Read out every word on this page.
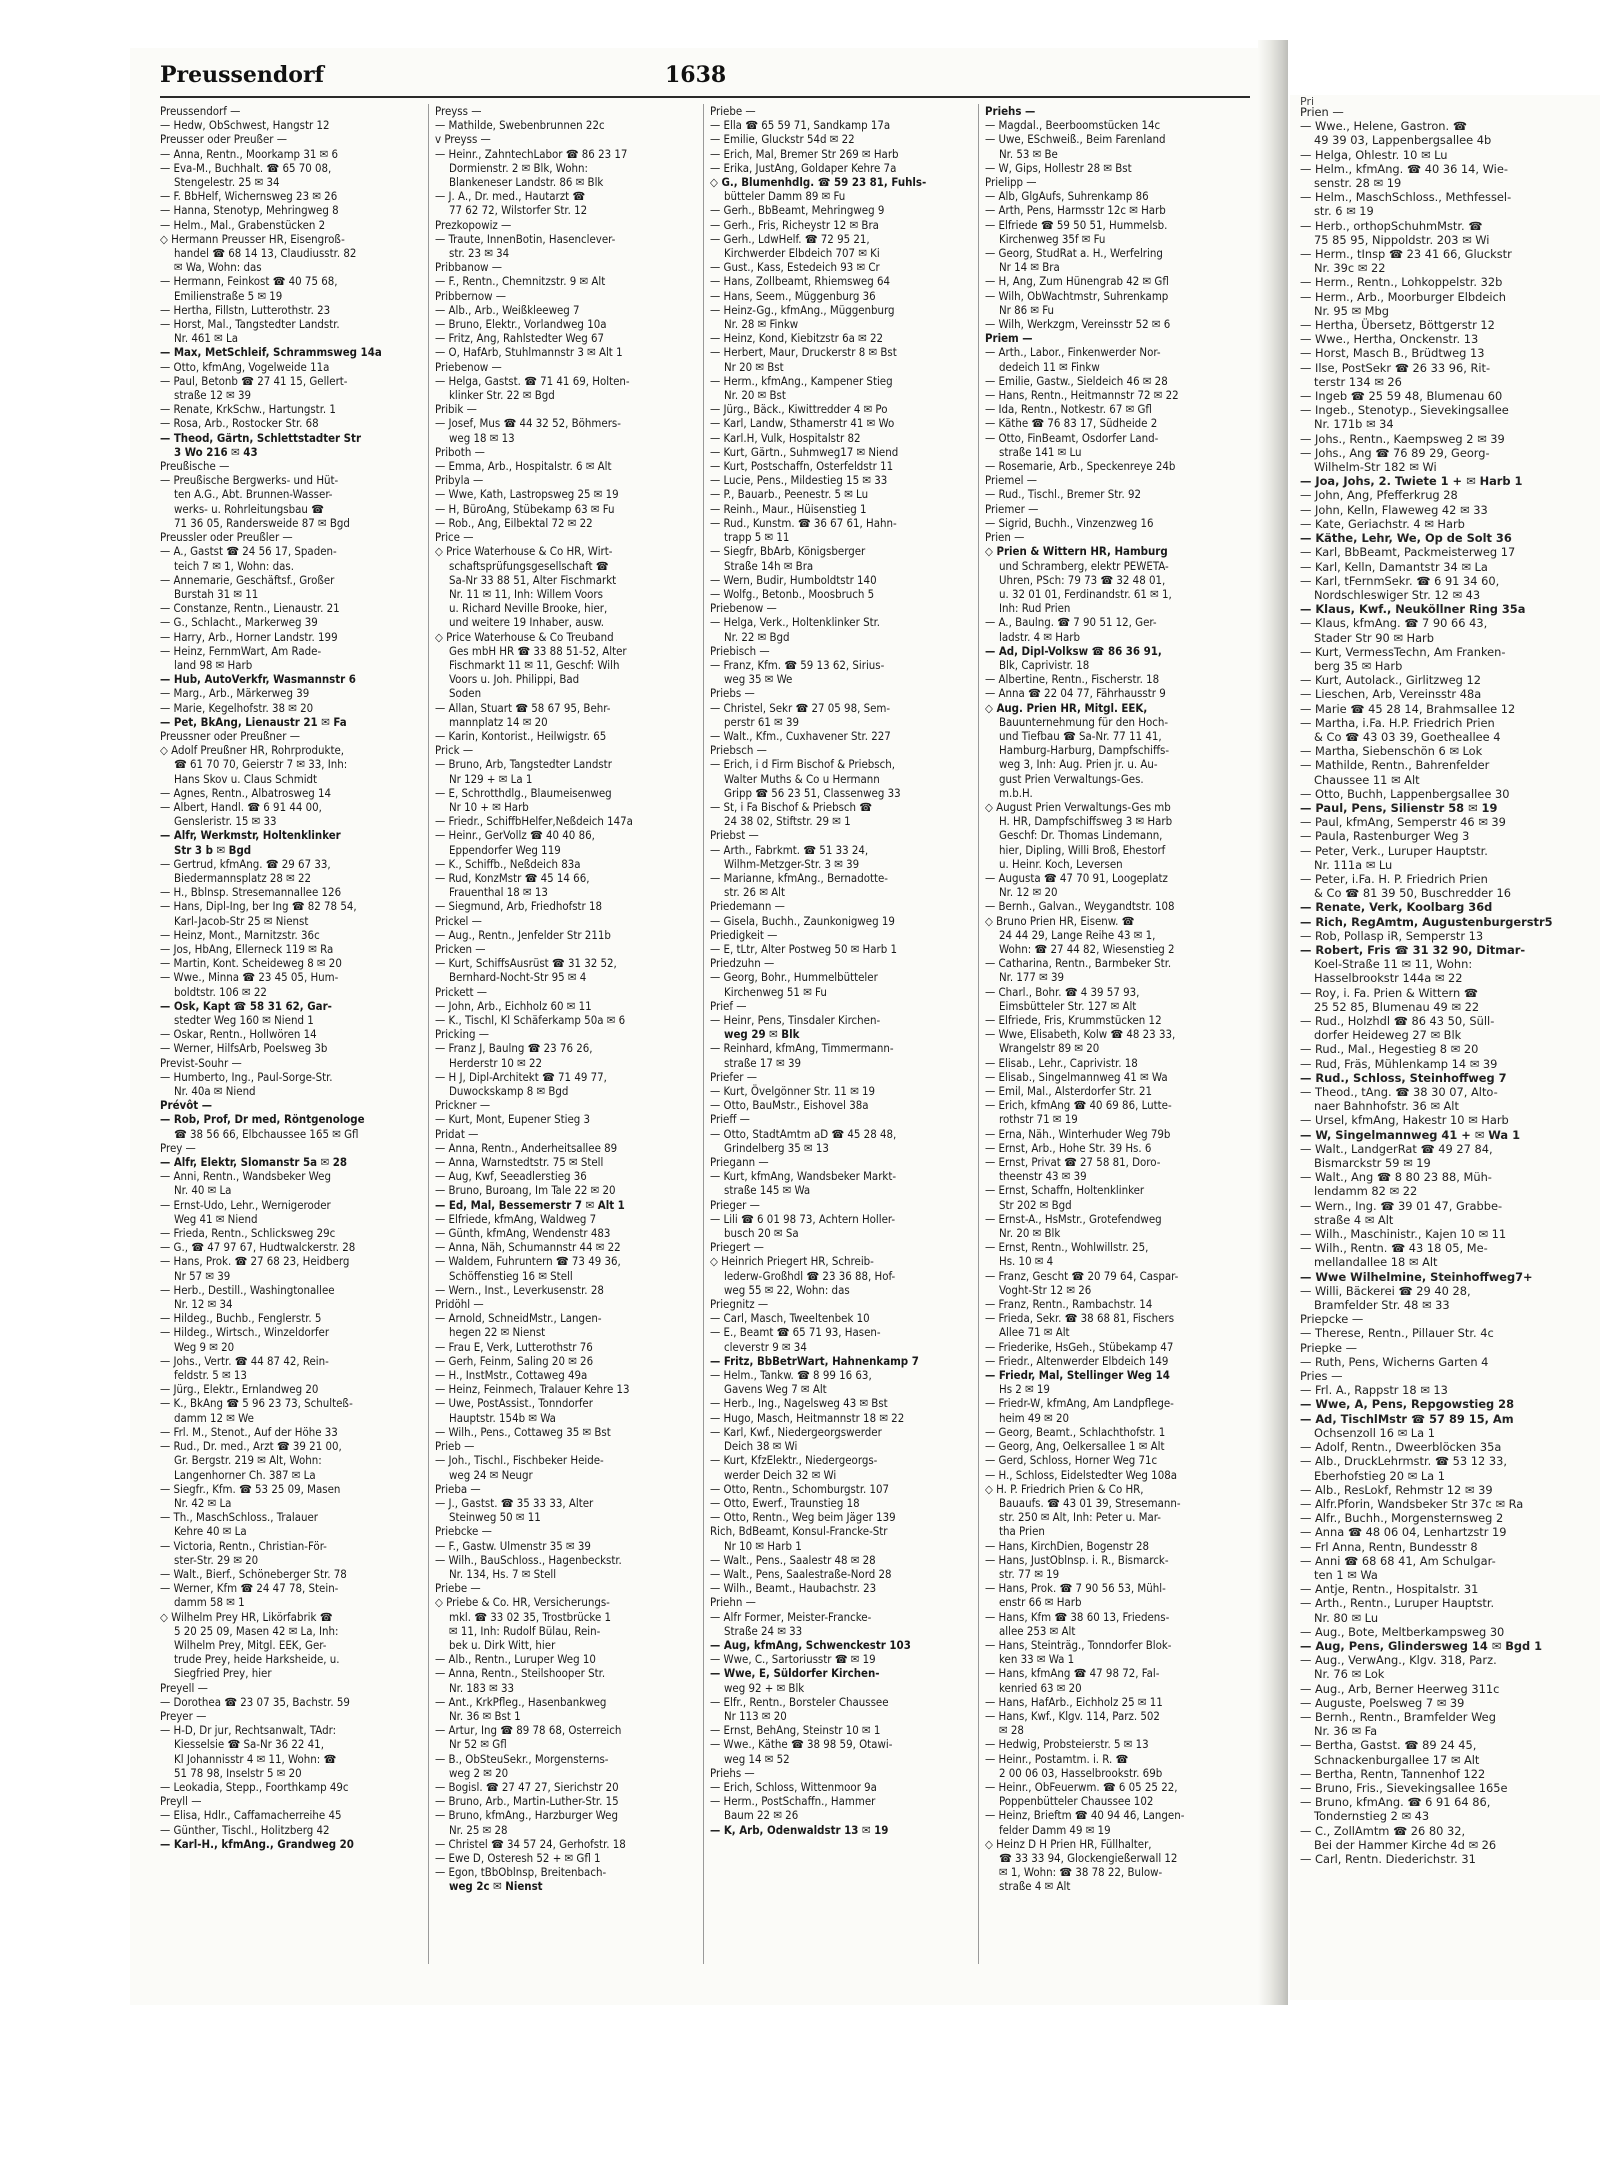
Preussendorf	1638
Preussendorf —
— Hedw, ObSchwest, Hangstr 12
Preusser oder Preußer —
— Anna, Rentn., Moorkamp 31 ✉ 6
— Eva-M., Buchhalt. ☎ 65 70 08,
Stengelestr. 25 ✉ 34
— F. BbHelf, Wichernsweg 23 ✉ 26
— Hanna, Stenotyp, Mehringweg 8
— Helm., Mal., Grabenstücken 2
◇ Hermann Preusser HR, Eisengroß-
handel ☎ 68 14 13, Claudiusstr. 82
✉ Wa, Wohn: das
— Hermann, Feinkost ☎ 40 75 68,
Emilienstraße 5 ✉ 19
— Hertha, Fillstn, Lutterothstr. 23
— Horst, Mal., Tangstedter Landstr.
Nr. 461 ✉ La
— Max, MetSchleif, Schrammsweg 14a
— Otto, kfmAng, Vogelweide 11a
— Paul, Betonb ☎ 27 41 15, Gellert-
straße 12 ✉ 39
— Renate, KrkSchw., Hartungstr. 1
— Rosa, Arb., Rostocker Str. 68
— Theod, Gärtn, Schlettstadter Str
3 Wo 216 ✉ 43
Preußische —
— Preußische Bergwerks- und Hüt-
ten A.G., Abt. Brunnen-Wasser-
werks- u. Rohrleitungsbau ☎
71 36 05, Randersweide 87 ✉ Bgd
Preussler oder Preußler —
— A., Gastst ☎ 24 56 17, Spaden-
teich 7 ✉ 1, Wohn: das.
— Annemarie, Geschäftsf., Großer
Burstah 31 ✉ 11
— Constanze, Rentn., Lienaustr. 21
— G., Schlacht., Markerweg 39
— Harry, Arb., Horner Landstr. 199
— Heinz, FernmWart, Am Rade-
land 98 ✉ Harb
— Hub, AutoVerkfr, Wasmannstr 6
— Marg., Arb., Märkerweg 39
— Marie, Kegelhofstr. 38 ✉ 20
— Pet, BkAng, Lienaustr 21 ✉ Fa
Preussner oder Preußner —
◇ Adolf Preußner HR, Rohrprodukte,
☎ 61 70 70, Geierstr 7 ✉ 33, Inh:
Hans Skov u. Claus Schmidt
— Agnes, Rentn., Albatrosweg 14
— Albert, Handl. ☎ 6 91 44 00,
Gensleristr. 15 ✉ 33
— Alfr, Werkmstr, Holtenklinker
Str 3 b ✉ Bgd
— Gertrud, kfmAng. ☎ 29 67 33,
Biedermannsplatz 28 ✉ 22
— H., Bblnsp. Stresemannallee 126
— Hans, Dipl-Ing, ber Ing ☎ 82 78 54,
Karl-Jacob-Str 25 ✉ Nienst
— Heinz, Mont., Marnitzstr. 36c
— Jos, HbAng, Ellerneck 119 ✉ Ra
— Martin, Kont. Scheideweg 8 ✉ 20
— Wwe., Minna ☎ 23 45 05, Hum-
boldtstr. 106 ✉ 22
— Osk, Kapt ☎ 58 31 62, Gar-
stedter Weg 160 ✉ Niend 1
— Oskar, Rentn., Hollwören 14
— Werner, HilfsArb, Poelsweg 3b
Previst-Souhr —
— Humberto, Ing., Paul-Sorge-Str.
Nr. 40a ✉ Niend
Prévôt —
— Rob, Prof, Dr med, Röntgenologe
☎ 38 56 66, Elbchaussee 165 ✉ Gfl
Prey —
— Alfr, Elektr, Slomanstr 5a ✉ 28
— Anni, Rentn., Wandsbeker Weg
Nr. 40 ✉ La
— Ernst-Udo, Lehr., Wernigeroder
Weg 41 ✉ Niend
— Frieda, Rentn., Schlicksweg 29c
— G., ☎ 47 97 67, Hudtwalckerstr. 28
— Hans, Prok. ☎ 27 68 23, Heidberg
Nr 57 ✉ 39
— Herb., Destill., Washingtonallee
Nr. 12 ✉ 34
— Hildeg., Buchb., Fenglerstr. 5
— Hildeg., Wirtsch., Winzeldorfer
Weg 9 ✉ 20
— Johs., Vertr. ☎ 44 87 42, Rein-
feldstr. 5 ✉ 13
— Jürg., Elektr., Ernlandweg 20
— K., BkAng ☎ 5 96 23 73, Schulteß-
damm 12 ✉ We
— Frl. M., Stenot., Auf der Höhe 33
— Rud., Dr. med., Arzt ☎ 39 21 00,
Gr. Bergstr. 219 ✉ Alt, Wohn:
Langenhorner Ch. 387 ✉ La
— Siegfr., Kfm. ☎ 53 25 09, Masen
Nr. 42 ✉ La
— Th., MaschSchloss., Tralauer
Kehre 40 ✉ La
— Victoria, Rentn., Christian-För-
ster-Str. 29 ✉ 20
— Walt., Bierf., Schöneberger Str. 78
— Werner, Kfm ☎ 24 47 78, Stein-
damm 58 ✉ 1
◇ Wilhelm Prey HR, Likörfabrik ☎
5 20 25 09, Masen 42 ✉ La, Inh:
Wilhelm Prey, Mitgl. EEK, Ger-
trude Prey, heide Harksheide, u.
Siegfried Prey, hier
Preyell —
— Dorothea ☎ 23 07 35, Bachstr. 59
Preyer —
— H-D, Dr jur, Rechtsanwalt, TAdr:
Kiesselsie ☎ Sa-Nr 36 22 41,
Kl Johannisstr 4 ✉ 11, Wohn: ☎
51 78 98, Inselstr 5 ✉ 20
— Leokadia, Stepp., Foorthkamp 49c
Preyll —
— Elisa, Hdlr., Caffamacherreihe 45
— Günther, Tischl., Holitzberg 42
— Karl-H., kfmAng., Grandweg 20
Preyss —
— Mathilde, Swebenbrunnen 22c
v Preyss —
— Heinr., ZahntechLabor ☎ 86 23 17
Dormienstr. 2 ✉ Blk, Wohn:
Blankeneser Landstr. 86 ✉ Blk
— J. A., Dr. med., Hautarzt ☎
77 62 72, Wilstorfer Str. 12
Prezkopowiz —
— Traute, InnenBotin, Hasenclever-
str. 23 ✉ 34
Pribbanow —
— F., Rentn., Chemnitzstr. 9 ✉ Alt
Pribbernow —
— Alb., Arb., Weißkleeweg 7
— Bruno, Elektr., Vorlandweg 10a
— Fritz, Ang, Rahlstedter Weg 67
— O, HafArb, Stuhlmannstr 3 ✉ Alt 1
Priebenow —
— Helga, Gastst. ☎ 71 41 69, Holten-
klinker Str. 22 ✉ Bgd
Pribik —
— Josef, Mus ☎ 44 32 52, Böhmers-
weg 18 ✉ 13
Priboth —
— Emma, Arb., Hospitalstr. 6 ✉ Alt
Pribyla —
— Wwe, Kath, Lastropsweg 25 ✉ 19
— H, BüroAng, Stübekamp 63 ✉ Fu
— Rob., Ang, Eilbektal 72 ✉ 22
Price —
◇ Price Waterhouse & Co HR, Wirt-
schaftsprüfungsgesellschaft ☎
Sa-Nr 33 88 51, Alter Fischmarkt
Nr. 11 ✉ 11, Inh: Willem Voors
u. Richard Neville Brooke, hier,
und weitere 19 Inhaber, ausw.
◇ Price Waterhouse & Co Treuband
Ges mbH HR ☎ 33 88 51-52, Alter
Fischmarkt 11 ✉ 11, Geschf: Wilh
Voors u. Joh. Philippi, Bad
Soden
— Allan, Stuart ☎ 58 67 95, Behr-
mannplatz 14 ✉ 20
— Karin, Kontorist., Heilwigstr. 65
Prick —
— Bruno, Arb, Tangstedter Landstr
Nr 129 + ✉ La 1
— E, Schrotthdlg., Blaumeisenweg
Nr 10 + ✉ Harb
— Friedr., SchiffbHelfer,Neßdeich 147a
— Heinr., GerVollz ☎ 40 40 86,
Eppendorfer Weg 119
— K., Schiffb., Neßdeich 83a
— Rud, KonzMstr ☎ 45 14 66,
Frauenthal 18 ✉ 13
— Siegmund, Arb, Friedhofstr 18
Prickel —
— Aug., Rentn., Jenfelder Str 211b
Pricken —
— Kurt, SchiffsAusrüst ☎ 31 32 52,
Bernhard-Nocht-Str 95 ✉ 4
Prickett —
— John, Arb., Eichholz 60 ✉ 11
— K., Tischl, Kl Schäferkamp 50a ✉ 6
Pricking —
— Franz J, Baulng ☎ 23 76 26,
Herderstr 10 ✉ 22
— H J, Dipl-Architekt ☎ 71 49 77,
Duwockskamp 8 ✉ Bgd
Prickner —
— Kurt, Mont, Eupener Stieg 3
Pridat —
— Anna, Rentn., Anderheitsallee 89
— Anna, Warnstedtstr. 75 ✉ Stell
— Aug, Kwf, Seeadlerstieg 36
— Bruno, Buroang, Im Tale 22 ✉ 20
— Ed, Mal, Bessemerstr 7 ✉ Alt 1
— Elfriede, kfmAng, Waldweg 7
— Günth, kfmAng, Wendenstr 483
— Anna, Näh, Schumannstr 44 ✉ 22
— Waldem, Fuhruntern ☎ 73 49 36,
Schöffenstieg 16 ✉ Stell
— Wern., Inst., Leverkusenstr. 28
Pridöhl —
— Arnold, SchneidMstr., Langen-
hegen 22 ✉ Nienst
— Frau E, Verk, Lutterothstr 76
— Gerh, Feinm, Saling 20 ✉ 26
— H., InstMstr., Cottaweg 49a
— Heinz, Feinmech, Tralauer Kehre 13
— Uwe, PostAssist., Tonndorfer
Hauptstr. 154b ✉ Wa
— Wilh., Pens., Cottaweg 35 ✉ Bst
Prieb —
— Joh., Tischl., Fischbeker Heide-
weg 24 ✉ Neugr
Prieba —
— J., Gastst. ☎ 35 33 33, Alter
Steinweg 50 ✉ 11
Priebcke —
— F., Gastw. Ulmenstr 35 ✉ 39
— Wilh., BauSchloss., Hagenbeckstr.
Nr. 134, Hs. 7 ✉ Stell
Priebe —
◇ Priebe & Co. HR, Versicherungs-
mkl. ☎ 33 02 35, Trostbrücke 1
✉ 11, Inh: Rudolf Bülau, Rein-
bek u. Dirk Witt, hier
— Alb., Rentn., Luruper Weg 10
— Anna, Rentn., Steilshooper Str.
Nr. 183 ✉ 33
— Ant., KrkPfleg., Hasenbankweg
Nr. 36 ✉ Bst 1
— Artur, Ing ☎ 89 78 68, Osterreich
Nr 52 ✉ Gfl
— B., ObSteuSekr., Morgensterns-
weg 2 ✉ 20
— Bogisl. ☎ 27 47 27, Sierichstr 20
— Bruno, Arb., Martin-Luther-Str. 15
— Bruno, kfmAng., Harzburger Weg
Nr. 25 ✉ 28
— Christel ☎ 34 57 24, Gerhofstr. 18
— Ewe D, Osteresh 52 + ✉ Gfl 1
— Egon, tBbOblnsp, Breitenbach-
weg 2c ✉ Nienst
Priebe —
— Ella ☎ 65 59 71, Sandkamp 17a
— Emilie, Gluckstr 54d ✉ 22
— Erich, Mal, Bremer Str 269 ✉ Harb
— Erika, JustAng, Goldaper Kehre 7a
◇ G., Blumenhdlg. ☎ 59 23 81, Fuhls-
bütteler Damm 89 ✉ Fu
— Gerh., BbBeamt, Mehringweg 9
— Gerh., Fris, Richeystr 12 ✉ Bra
— Gerh., LdwHelf. ☎ 72 95 21,
Kirchwerder Elbdeich 707 ✉ Ki
— Gust., Kass, Estedeich 93 ✉ Cr
— Hans, Zollbeamt, Rhiemsweg 64
— Hans, Seem., Müggenburg 36
— Heinz-Gg., kfmAng., Müggenburg
Nr. 28 ✉ Finkw
— Heinz, Kond, Kiebitzstr 6a ✉ 22
— Herbert, Maur, Druckerstr 8 ✉ Bst
Nr 20 ✉ Bst
— Herm., kfmAng., Kampener Stieg
Nr. 20 ✉ Bst
— Jürg., Bäck., Kiwittredder 4 ✉ Po
— Karl, Landw, Sthamerstr 41 ✉ Wo
— Karl.H, Vulk, Hospitalstr 82
— Kurt, Gärtn., Suhmweg17 ✉ Niend
— Kurt, Postschaffn, Osterfeldstr 11
— Lucie, Pens., Mildestieg 15 ✉ 33
— P., Bauarb., Peenestr. 5 ✉ Lu
— Reinh., Maur., Hüisenstieg 1
— Rud., Kunstm. ☎ 36 67 61, Hahn-
trapp 5 ✉ 11
— Siegfr, BbArb, Königsberger
Straße 14h ✉ Bra
— Wern, Budir, Humboldtstr 140
— Wolfg., Betonb., Moosbruch 5
Priebenow —
— Helga, Verk., Holtenklinker Str.
Nr. 22 ✉ Bgd
Priebisch —
— Franz, Kfm. ☎ 59 13 62, Sirius-
weg 35 ✉ We
Priebs —
— Christel, Sekr ☎ 27 05 98, Sem-
perstr 61 ✉ 39
— Walt., Kfm., Cuxhavener Str. 227
Priebsch —
— Erich, i d Firm Bischof & Priebsch,
Walter Muths & Co u Hermann
Gripp ☎ 56 23 51, Classenweg 33
— St, i Fa Bischof & Priebsch ☎
24 38 02, Stiftstr. 29 ✉ 1
Priebst —
— Arth., Fabrkmt. ☎ 51 33 24,
Wilhm-Metzger-Str. 3 ✉ 39
— Marianne, kfmAng., Bernadotte-
str. 26 ✉ Alt
Priedemann —
— Gisela, Buchh., Zaunkonigweg 19
Priedigkeit —
— E, tLtr, Alter Postweg 50 ✉ Harb 1
Priedzuhn —
— Georg, Bohr., Hummelbütteler
Kirchenweg 51 ✉ Fu
Prief —
— Heinr, Pens, Tinsdaler Kirchen-
weg 29 ✉ Blk
— Reinhard, kfmAng, Timmermann-
straße 17 ✉ 39
Priefer —
— Kurt, Övelgönner Str. 11 ✉ 19
— Otto, BauMstr., Eishovel 38a
Prieff —
— Otto, StadtAmtm aD ☎ 45 28 48,
Grindelberg 35 ✉ 13
Priegann —
— Kurt, kfmAng, Wandsbeker Markt-
straße 145 ✉ Wa
Prieger —
— Lili ☎ 6 01 98 73, Achtern Holler-
busch 20 ✉ Sa
Priegert —
◇ Heinrich Priegert HR, Schreib-
lederw-Großhdl ☎ 23 36 88, Hof-
weg 55 ✉ 22, Wohn: das
Priegnitz —
— Carl, Masch, Tweeltenbek 10
— E., Beamt ☎ 65 71 93, Hasen-
cleverstr 9 ✉ 34
— Fritz, BbBetrWart, Hahnenkamp 7
— Helm., Tankw. ☎ 8 99 16 63,
Gavens Weg 7 ✉ Alt
— Herb., Ing., Nagelsweg 43 ✉ Bst
— Hugo, Masch, Heitmannstr 18 ✉ 22
— Karl, Kwf., Niedergeorgswerder
Deich 38 ✉ Wi
— Kurt, KfzElektr., Niedergeorgs-
werder Deich 32 ✉ Wi
— Otto, Rentn., Schomburgstr. 107
— Otto, Ewerf., Traunstieg 18
— Otto, Rentn., Weg beim Jäger 139
Rich, BdBeamt, Konsul-Francke-Str
Nr 10 ✉ Harb 1
— Walt., Pens., Saalestr 48 ✉ 28
— Walt., Pens, Saalestraße-Nord 28
— Wilh., Beamt., Haubachstr. 23
Priehn —
— Alfr Former, Meister-Francke-
Straße 24 ✉ 33
— Aug, kfmAng, Schwenckestr 103
— Wwe, C., Sartoriusstr ☎ ✉ 19
— Wwe, E, Süldorfer Kirchen-
weg 92 + ✉ Blk
— Elfr., Rentn., Borsteler Chaussee
Nr 113 ✉ 20
— Ernst, BehAng, Steinstr 10 ✉ 1
— Wwe., Käthe ☎ 38 98 59, Otawi-
weg 14 ✉ 52
Priehs —
— Erich, Schloss, Wittenmoor 9a
— Herm., PostSchaffn., Hammer
Baum 22 ✉ 26
— K, Arb, Odenwaldstr 13 ✉ 19
Priehs —
— Magdal., Beerboomstücken 14c
— Uwe, ESchweiß., Beim Farenland
Nr. 53 ✉ Be
— W, Gips, Hollestr 28 ✉ Bst
Prielipp —
— Alb, GlgAufs, Suhrenkamp 86
— Arth, Pens, Harmsstr 12c ✉ Harb
— Elfriede ☎ 59 50 51, Hummelsb.
Kirchenweg 35f ✉ Fu
— Georg, StudRat a. H., Werfelring
Nr 14 ✉ Bra
— H, Ang, Zum Hünengrab 42 ✉ Gfl
— Wilh, ObWachtmstr, Suhrenkamp
Nr 86 ✉ Fu
— Wilh, Werkzgm, Vereinsstr 52 ✉ 6
Priem —
— Arth., Labor., Finkenwerder Nor-
dedeich 11 ✉ Finkw
— Emilie, Gastw., Sieldeich 46 ✉ 28
— Hans, Rentn., Heitmannstr 72 ✉ 22
— Ida, Rentn., Notkestr. 67 ✉ Gfl
— Käthe ☎ 76 83 17, Südheide 2
— Otto, FinBeamt, Osdorfer Land-
straße 141 ✉ Lu
— Rosemarie, Arb., Speckenreye 24b
Priemel —
— Rud., Tischl., Bremer Str. 92
Priemer —
— Sigrid, Buchh., Vinzenzweg 16
Prien —
◇ Prien & Wittern HR, Hamburg
und Schramberg, elektr PEWETA-
Uhren, PSch: 79 73 ☎ 32 48 01,
u. 32 01 01, Ferdinandstr. 61 ✉ 1,
Inh: Rud Prien
— A., Baulng. ☎ 7 90 51 12, Ger-
ladstr. 4 ✉ Harb
— Ad, Dipl-Volksw ☎ 86 36 91,
Blk, Caprivistr. 18
— Albertine, Rentn., Fischerstr. 18
— Anna ☎ 22 04 77, Fährhausstr 9
◇ Aug. Prien HR, Mitgl. EEK,
Bauunternehmung für den Hoch-
und Tiefbau ☎ Sa-Nr. 77 11 41,
Hamburg-Harburg, Dampfschiffs-
weg 3, Inh: Aug. Prien jr. u. Au-
gust Prien Verwaltungs-Ges.
m.b.H.
◇ August Prien Verwaltungs-Ges mb
H. HR, Dampfschiffsweg 3 ✉ Harb
Geschf: Dr. Thomas Lindemann,
hier, Dipling, Willi Broß, Ehestorf
u. Heinr. Koch, Leversen
— Augusta ☎ 47 70 91, Loogeplatz
Nr. 12 ✉ 20
— Bernh., Galvan., Weygandtstr. 108
◇ Bruno Prien HR, Eisenw. ☎
24 44 29, Lange Reihe 43 ✉ 1,
Wohn: ☎ 27 44 82, Wiesenstieg 2
— Catharina, Rentn., Barmbeker Str.
Nr. 177 ✉ 39
— Charl., Bohr. ☎ 4 39 57 93,
Eimsbütteler Str. 127 ✉ Alt
— Elfriede, Fris, Krummstücken 12
— Wwe, Elisabeth, Kolw ☎ 48 23 33,
Wrangelstr 89 ✉ 20
— Elisab., Lehr., Caprivistr. 18
— Elisab., Singelmannweg 41 ✉ Wa
— Emil, Mal., Alsterdorfer Str. 21
— Erich, kfmAng ☎ 40 69 86, Lutte-
rothstr 71 ✉ 19
— Erna, Näh., Winterhuder Weg 79b
— Ernst, Arb., Hohe Str. 39 Hs. 6
— Ernst, Privat ☎ 27 58 81, Doro-
theenstr 43 ✉ 39
— Ernst, Schaffn, Holtenklinker
Str 202 ✉ Bgd
— Ernst-A., HsMstr., Grotefendweg
Nr. 20 ✉ Blk
— Ernst, Rentn., Wohlwillstr. 25,
Hs. 10 ✉ 4
— Franz, Gescht ☎ 20 79 64, Caspar-
Voght-Str 12 ✉ 26
— Franz, Rentn., Rambachstr. 14
— Frieda, Sekr. ☎ 38 68 81, Fischers
Allee 71 ✉ Alt
— Friederike, HsGeh., Stübekamp 47
— Friedr., Altenwerder Elbdeich 149
— Friedr, Mal, Stellinger Weg 14
Hs 2 ✉ 19
— Friedr-W, kfmAng, Am Landpflege-
heim 49 ✉ 20
— Georg, Beamt., Schlachthofstr. 1
— Georg, Ang, Oelkersallee 1 ✉ Alt
— Gerd, Schloss, Horner Weg 71c
— H., Schloss, Eidelstedter Weg 108a
◇ H. P. Friedrich Prien & Co HR,
Bauaufs. ☎ 43 01 39, Stresemann-
str. 250 ✉ Alt, Inh: Peter u. Mar-
tha Prien
— Hans, KirchDien, Bogenstr 28
— Hans, JustOblnsp. i. R., Bismarck-
str. 77 ✉ 19
— Hans, Prok. ☎ 7 90 56 53, Mühl-
enstr 66 ✉ Harb
— Hans, Kfm ☎ 38 60 13, Friedens-
allee 253 ✉ Alt
— Hans, Steinträg., Tonndorfer Blok-
ken 33 ✉ Wa 1
— Hans, kfmAng ☎ 47 98 72, Fal-
kenried 63 ✉ 20
— Hans, HafArb., Eichholz 25 ✉ 11
— Hans, Kwf., Klgv. 114, Parz. 502
✉ 28
— Hedwig, Probsteierstr. 5 ✉ 13
— Heinr., Postamtm. i. R. ☎
2 00 06 03, Hasselbrookstr. 69b
— Heinr., ObFeuerwm. ☎ 6 05 25 22,
Poppenbütteler Chaussee 102
— Heinz, Brieftm ☎ 40 94 46, Langen-
felder Damm 49 ✉ 19
◇ Heinz D H Prien HR, Füllhalter,
☎ 33 33 94, Glockengießerwall 12
✉ 1, Wohn: ☎ 38 78 22, Bulow-
straße 4 ✉ Alt
Pri
Prien —
— Wwe., Helene, Gastron. ☎
49 39 03, Lappenbergsallee 4b
— Helga, Ohlestr. 10 ✉ Lu
— Helm., kfmAng. ☎ 40 36 14, Wie-
senstr. 28 ✉ 19
— Helm., MaschSchloss., Methfessel-
str. 6 ✉ 19
— Herb., orthopSchuhmMstr. ☎
75 85 95, Nippoldstr. 203 ✉ Wi
— Herm., tInsp ☎ 23 41 66, Gluckstr
Nr. 39c ✉ 22
— Herm., Rentn., Lohkoppelstr. 32b
— Herm., Arb., Moorburger Elbdeich
Nr. 95 ✉ Mbg
— Hertha, Übersetz, Böttgerstr 12
— Wwe., Hertha, Onckenstr. 13
— Horst, Masch B., Brüdtweg 13
— Ilse, PostSekr ☎ 26 33 96, Rit-
terstr 134 ✉ 26
— Ingeb ☎ 25 59 48, Blumenau 60
— Ingeb., Stenotyp., Sievekingsallee
Nr. 171b ✉ 34
— Johs., Rentn., Kaempsweg 2 ✉ 39
— Johs., Ang ☎ 76 89 29, Georg-
Wilhelm-Str 182 ✉ Wi
— Joa, Johs, 2. Twiete 1 + ✉ Harb 1
— John, Ang, Pfefferkrug 28
— John, Kelln, Flaweweg 42 ✉ 33
— Kate, Geriachstr. 4 ✉ Harb
— Käthe, Lehr, We, Op de Solt 36
— Karl, BbBeamt, Packmeisterweg 17
— Karl, Kelln, Damantstr 34 ✉ La
— Karl, tFernmSekr. ☎ 6 91 34 60,
Nordschleswiger Str. 12 ✉ 43
— Klaus, Kwf., Neuköllner Ring 35a
— Klaus, kfmAng. ☎ 7 90 66 43,
Stader Str 90 ✉ Harb
— Kurt, VermessTechn, Am Franken-
berg 35 ✉ Harb
— Kurt, Autolack., Girlitzweg 12
— Lieschen, Arb, Vereinsstr 48a
— Marie ☎ 45 28 14, Brahmsallee 12
— Martha, i.Fa. H.P. Friedrich Prien
& Co ☎ 43 03 39, Goetheallee 4
— Martha, Siebenschön 6 ✉ Lok
— Mathilde, Rentn., Bahrenfelder
Chaussee 11 ✉ Alt
— Otto, Buchh, Lappenbergsallee 30
— Paul, Pens, Silienstr 58 ✉ 19
— Paul, kfmAng, Semperstr 46 ✉ 39
— Paula, Rastenburger Weg 3
— Peter, Verk., Luruper Hauptstr.
Nr. 111a ✉ Lu
— Peter, i.Fa. H. P. Friedrich Prien
& Co ☎ 81 39 50, Buschredder 16
— Renate, Verk, Koolbarg 36d
— Rich, RegAmtm, Augustenburgerstr5
— Rob, Pollasp iR, Semperstr 13
— Robert, Fris ☎ 31 32 90, Ditmar-
Koel-Straße 11 ✉ 11, Wohn:
Hasselbrookstr 144a ✉ 22
— Roy, i. Fa. Prien & Wittern ☎
25 52 85, Blumenau 49 ✉ 22
— Rud., Holzhdl ☎ 86 43 50, Süll-
dorfer Heideweg 27 ✉ Blk
— Rud., Mal., Hegestieg 8 ✉ 20
— Rud, Fräs, Mühlenkamp 14 ✉ 39
— Rud., Schloss, Steinhoffweg 7
— Theod., tAng. ☎ 38 30 07, Alto-
naer Bahnhofstr. 36 ✉ Alt
— Ursel, kfmAng, Hakestr 10 ✉ Harb
— W, Singelmannweg 41 + ✉ Wa 1
— Walt., LandgerRat ☎ 49 27 84,
Bismarckstr 59 ✉ 19
— Walt., Ang ☎ 8 80 23 88, Müh-
lendamm 82 ✉ 22
— Wern., Ing. ☎ 39 01 47, Grabbe-
straße 4 ✉ Alt
— Wilh., Maschinistr., Kajen 10 ✉ 11
— Wilh., Rentn. ☎ 43 18 05, Me-
mellandallee 18 ✉ Alt
— Wwe Wilhelmine, Steinhoffweg7+
— Willi, Bäckerei ☎ 29 40 28,
Bramfelder Str. 48 ✉ 33
Priepcke —
— Therese, Rentn., Pillauer Str. 4c
Priepke —
— Ruth, Pens, Wicherns Garten 4
Pries —
— Frl. A., Rappstr 18 ✉ 13
— Wwe, A, Pens, Repgowstieg 28
— Ad, TischlMstr ☎ 57 89 15, Am
Ochsenzoll 16 ✉ La 1
— Adolf, Rentn., Dweerblöcken 35a
— Alb., DruckLehrmstr. ☎ 53 12 33,
Eberhofstieg 20 ✉ La 1
— Alb., ResLokf, Rehmstr 12 ✉ 39
— Alfr.Pforin, Wandsbeker Str 37c ✉ Ra
— Alfr., Buchh., Morgensternsweg 2
— Anna ☎ 48 06 04, Lenhartzstr 19
— Frl Anna, Rentn, Bundesstr 8
— Anni ☎ 68 68 41, Am Schulgar-
ten 1 ✉ Wa
— Antje, Rentn., Hospitalstr. 31
— Arth., Rentn., Luruper Hauptstr.
Nr. 80 ✉ Lu
— Aug., Bote, Meltberkampsweg 30
— Aug, Pens, Glindersweg 14 ✉ Bgd 1
— Aug., VerwAng., Klgv. 318, Parz.
Nr. 76 ✉ Lok
— Aug., Arb, Berner Heerweg 311c
— Auguste, Poelsweg 7 ✉ 39
— Bernh., Rentn., Bramfelder Weg
Nr. 36 ✉ Fa
— Bertha, Gastst. ☎ 89 24 45,
Schnackenburgallee 17 ✉ Alt
— Bertha, Rentn, Tannenhof 122
— Bruno, Fris., Sievekingsallee 165e
— Bruno, kfmAng. ☎ 6 91 64 86,
Tondernstieg 2 ✉ 43
— C., ZollAmtm ☎ 26 80 32,
Bei der Hammer Kirche 4d ✉ 26
— Carl, Rentn. Diederichstr. 31
